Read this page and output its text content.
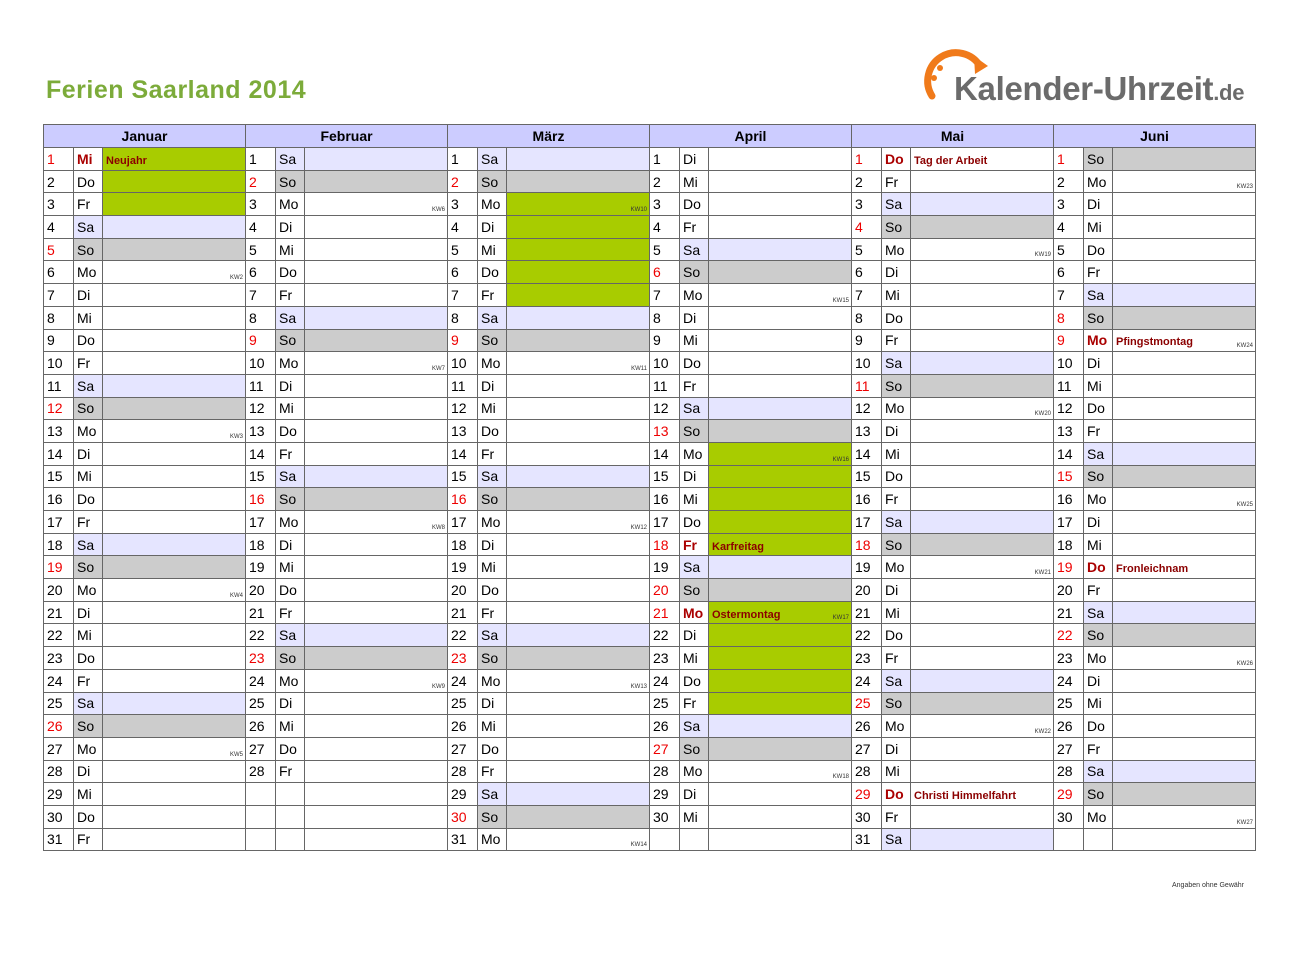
Ferien Saarland 2014	Kalender-Uhrzeit.de
Januar			Februar			März			April			Mai			Juni		
1	Mi	Neujahr	1	Sa		1	Sa		1	Di		1	Do	Tag der Arbeit	1	So	
2	Do		2	So		2	So		2	Mi		2	Fr		2	Mo	KW23

3	Fr		3	Mo	KW6	3	Mo	KW10	3	Do		3	Sa		3	Di	
4	Sa		4	Di		4	Di		4	Fr		4	So		4	Mi	
5	So		5	Mi		5	Mi		5	Sa		5	Mo	KW19	5	Do	
6	Mo	KW2	6	Do		6	Do		6	So		6	Di		6	Fr	
7	Di		7	Fr		7	Fr		7	Mo	KW15	7	Mi		7	Sa	
8	Mi		8	Sa		8	Sa		8	Di		8	Do		8	So	
9	Do		9	So		9	So		9	Mi		9	Fr		9	Mo	Pfingstmontag KW24

10	Fr		10	Mo	KW7	10	Mo	KW11	10	Do		10	Sa		10	Di	
11	Sa		11	Di		11	Di		11	Fr		11	So		11	Mi	
12	So		12	Mi		12	Mi		12	Sa		12	Mo	KW20	12	Do	
13	Mo	KW3	13	Do		13	Do		13	So		13	Di		13	Fr	
14	Di		14	Fr		14	Fr		14	Mo	KW16	14	Mi		14	Sa	
15	Mi		15	Sa		15	Sa		15	Di		15	Do		15	So	
16	Do		16	So		16	So		16	Mi		16	Fr		16	Mo	KW25

17	Fr		17	Mo	KW8	17	Mo	KW12	17	Do		17	Sa		17	Di	
18	Sa		18	Di		18	Di		18	Fr	Karfreitag	18	So		18	Mi	
19	So		19	Mi		19	Mi		19	Sa		19	Mo	KW21	19	Do	Fronleichnam
20	Mo	KW4	20	Do		20	Do		20	So		20	Di		20	Fr	
21	Di		21	Fr		21	Fr		21	Mo	Ostermontag KW17	21	Mi		21	Sa	
22	Mi		22	Sa		22	Sa		22	Di		22	Do		22	So	
23	Do		23	So		23	So		23	Mi		23	Fr		23	Mo	KW26

24	Fr		24	Mo	KW9	24	Mo	KW13	24	Do		24	Sa		24	Di	
25	Sa		25	Di		25	Di		25	Fr		25	So		25	Mi	
26	So		26	Mi		26	Mi		26	Sa		26	Mo	KW22	26	Do	
27	Mo	KW5	27	Do		27	Do		27	So		27	Di		27	Fr	
28	Di		28	Fr		28	Fr		28	Mo	KW18	28	Mi		28	Sa	
29	Mi					29	Sa		29	Di		29	Do	Christi Himmelfahrt	29	So	
30	Do					30	So		30	Mi		30	Fr		30	Mo	KW27

31	Fr					31	Mo	KW14				31	Sa				
Angaben ohne Gewähr
